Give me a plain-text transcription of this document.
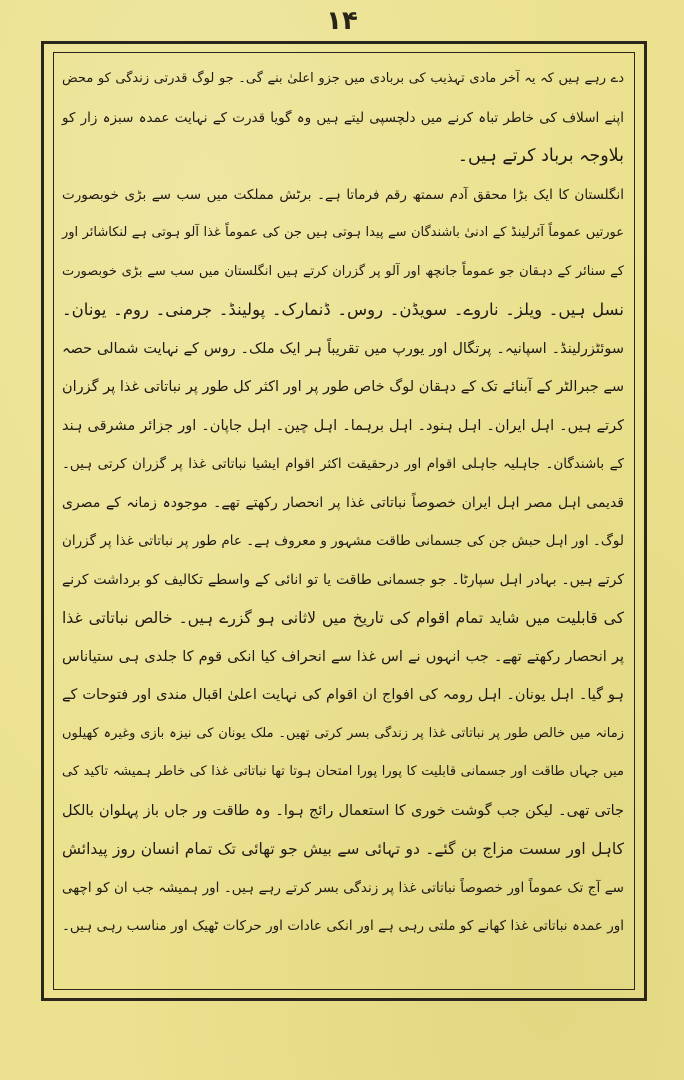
۱۴
دے رہے ہیں کہ یہ آخر مادی تہذیب کی بربادی میں جزو اعلیٰ بنے گی۔ جو لوگ قدرتی زندگی کو محض
اپنے اسلاف کی خاطر تباہ کرنے میں دلچسپی لیتے ہیں وہ گویا قدرت کے نہایت عمدہ سبزہ زار کو
بلاوجہ برباد کرتے ہیں۔
انگلستان کا ایک بڑا محقق آدم سمتھ رقم فرماتا ہے۔ برٹش مملکت میں سب سے بڑی خوبصورت
عورتیں عموماً آئرلینڈ کے ادنیٰ باشندگان سے پیدا ہوتی ہیں جن کی عموماً غذا آلو ہوتی ہے لنکاشائر اور
کے سنائر کے دہقان جو عموماً جانچھ اور آلو پر گزران کرتے ہیں انگلستان میں سب سے بڑی خوبصورت
نسل ہیں۔ ویلز۔ ناروے۔ سویڈن۔ روس۔ ڈنمارک۔ پولینڈ۔ جرمنی۔ روم۔ یونان۔
سوئٹزرلینڈ۔ اسپانیہ۔ پرتگال اور یورپ میں تقریباً ہر ایک ملک۔ روس کے نہایت شمالی حصہ
سے جبرالٹر کے آبنائے تک کے دہقان لوگ خاص طور پر اور اکثر کل طور پر نباتاتی غذا پر گزران
کرتے ہیں۔ اہل ایران۔ اہل ہنود۔ اہل برہما۔ اہل چین۔ اہل جاپان۔ اور جزائر مشرقی ہند
کے باشندگان۔ جاہلیہ جاہلی اقوام اور درحقیقت اکثر اقوام ایشیا نباتاتی غذا پر گزران کرتی ہیں۔
قدیمی اہل مصر اہل ایران خصوصاً نباتاتی غذا پر انحصار رکھتے تھے۔ موجودہ زمانہ کے مصری
لوگ۔ اور اہل حبش جن کی جسمانی طاقت مشہور و معروف ہے۔ عام طور پر نباتاتی غذا پر گزران
کرتے ہیں۔ بہادر اہل سپارٹا۔ جو جسمانی طاقت یا تو انائی کے واسطے تکالیف کو برداشت کرنے
کی قابلیت میں شاید تمام اقوام کی تاریخ میں لاثانی ہو گزرے ہیں۔ خالص نباتاتی غذا
پر انحصار رکھتے تھے۔ جب انہوں نے اس غذا سے انحراف کیا انکی قوم کا جلدی ہی ستیاناس
ہو گیا۔ اہل یونان۔ اہل رومہ کی افواج ان اقوام کی نہایت اعلیٰ اقبال مندی اور فتوحات کے
زمانہ میں خالص طور پر نباتاتی غذا پر زندگی بسر کرتی تھیں۔ ملک یونان کی نیزہ بازی وغیرہ کھیلوں
میں جہاں طاقت اور جسمانی قابلیت کا پورا پورا امتحان ہوتا تھا نباتاتی غذا کی خاطر ہمیشہ تاکید کی
جاتی تھی۔ لیکن جب گوشت خوری کا استعمال رائج ہوا۔ وہ طاقت ور جاں باز پہلوان بالکل
کاہل اور سست مزاج بن گئے۔ دو تہائی سے بیش جو تھائی تک تمام انسان روز پیدائش
سے آج تک عموماً اور خصوصاً نباتاتی غذا پر زندگی بسر کرتے رہے ہیں۔ اور ہمیشہ جب ان کو اچھی
اور عمدہ نباتاتی غذا کھانے کو ملتی رہی ہے اور انکی عادات اور حرکات ٹھیک اور مناسب رہی ہیں۔
